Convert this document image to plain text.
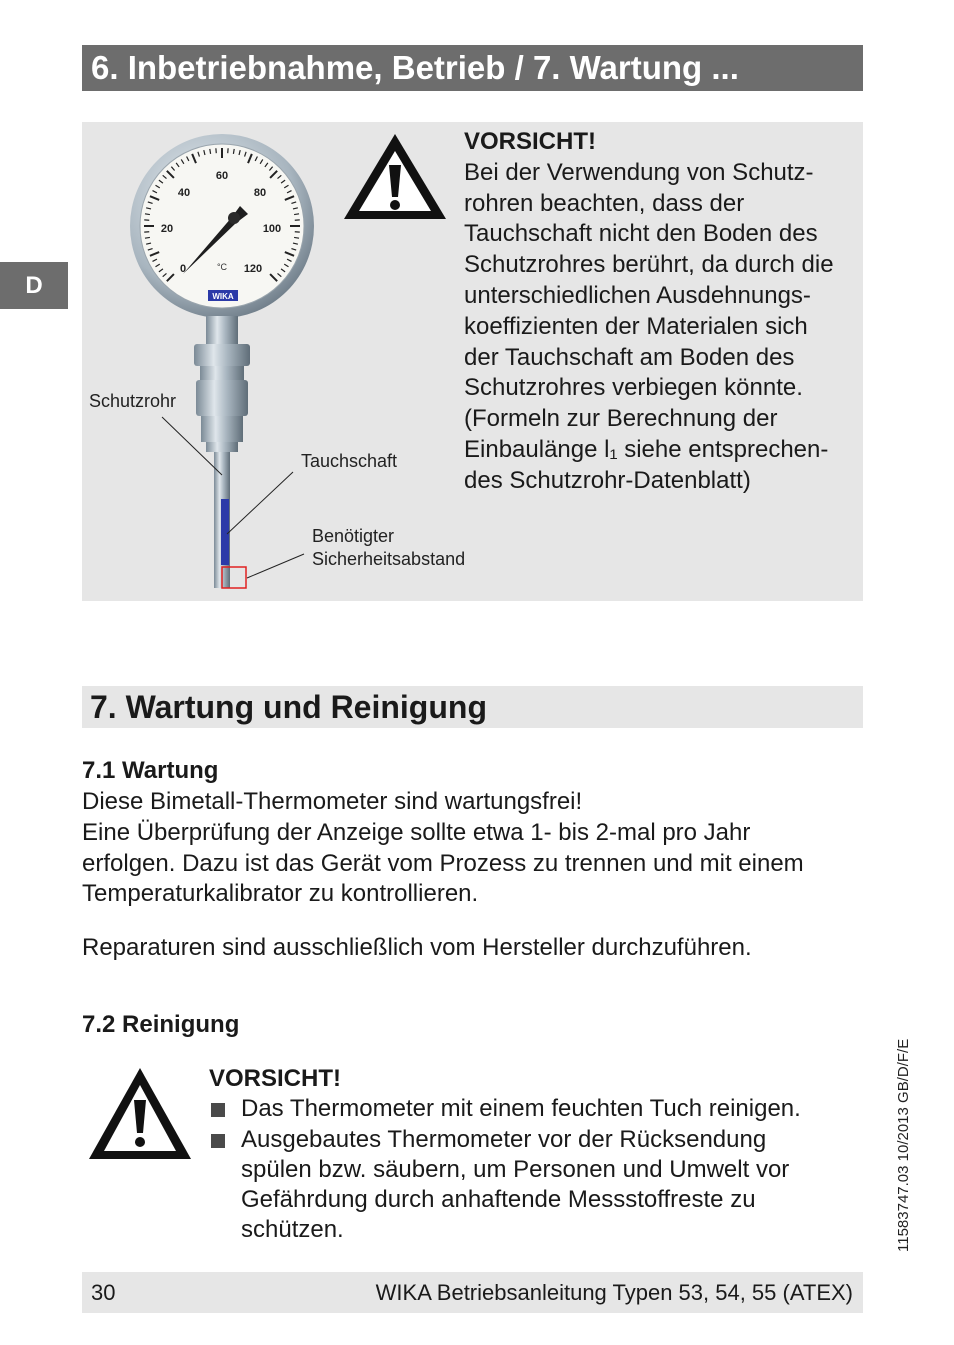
6. Inbetriebnahme, Betrieb / 7. Wartung ...
D
0
20
40
60
80
100
120
°C
WIKA
Schutzrohr
Tauchschaft
Benötigter
Sicherheitsabstand
VORSICHT!
Bei der Verwendung von Schutz-
rohren beachten, dass der
Tauchschaft nicht den Boden des
Schutzrohres berührt, da durch die
unterschiedlichen Ausdehnungs-
koeffizienten der Materialen sich
der Tauchschaft am Boden des
Schutzrohres verbiegen könnte.
(Formeln zur Berechnung der
Einbaulänge l₁ siehe entsprechen-
des Schutzrohr-Datenblatt)
7. Wartung und Reinigung
7.1 Wartung

Diese Bimetall-Thermometer sind wartungsfrei!

Eine Überprüfung der Anzeige sollte etwa 1- bis 2-mal pro Jahr

erfolgen. Dazu ist das Gerät vom Prozess zu trennen und mit einem

Temperaturkalibrator zu kontrollieren.

Reparaturen sind ausschließlich vom Hersteller durchzuführen.
7.2 Reinigung
VORSICHT!
Das Thermometer mit einem feuchten Tuch reinigen.
Ausgebautes Thermometer vor der Rücksendung
spülen bzw. säubern, um Personen und Umwelt vor
Gefährdung durch anhaftende Messstoffreste zu
schützen.	11583747.03 10/2013 GB/D/F/E
30	WIKA Betriebsanleitung Typen 53, 54, 55 (ATEX)
